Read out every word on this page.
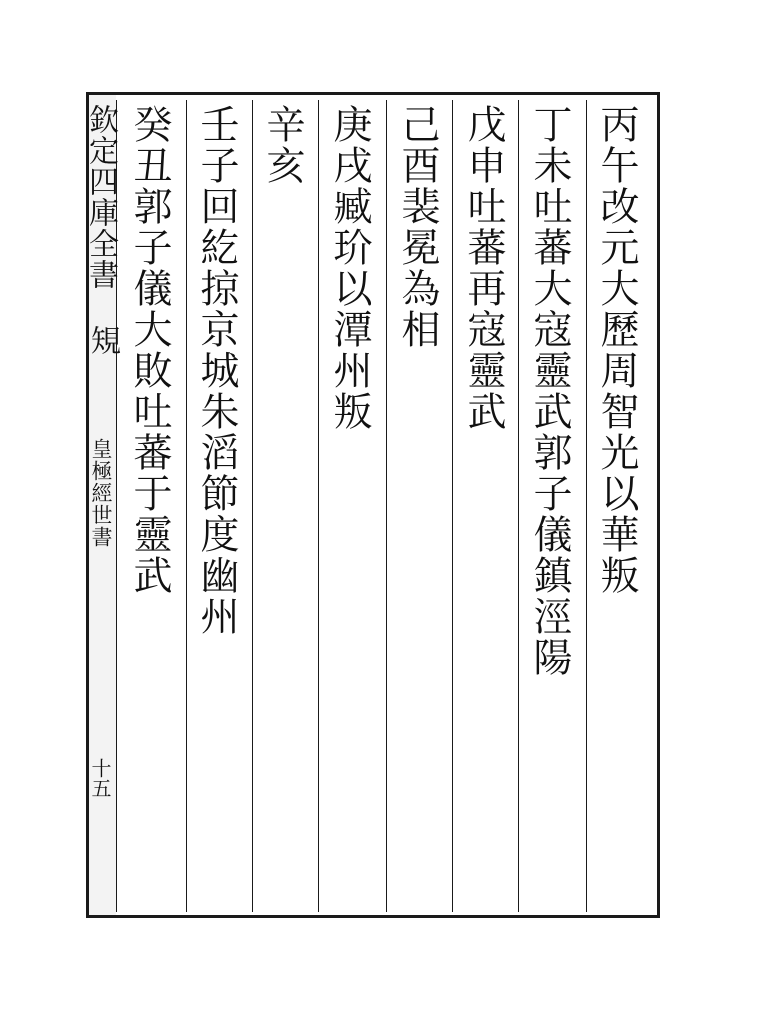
欽定四庫全書
䂓
皇極經世書
十五
丙午改元大歷周智光以華叛
丁未吐蕃大寇靈武郭子儀鎮涇陽
戊申吐蕃再寇靈武
己酉裴冕為相
庚戌臧玠以潭州叛
辛亥
壬子回紇掠京城朱滔節度幽州
癸丑郭子儀大敗吐蕃于靈武
